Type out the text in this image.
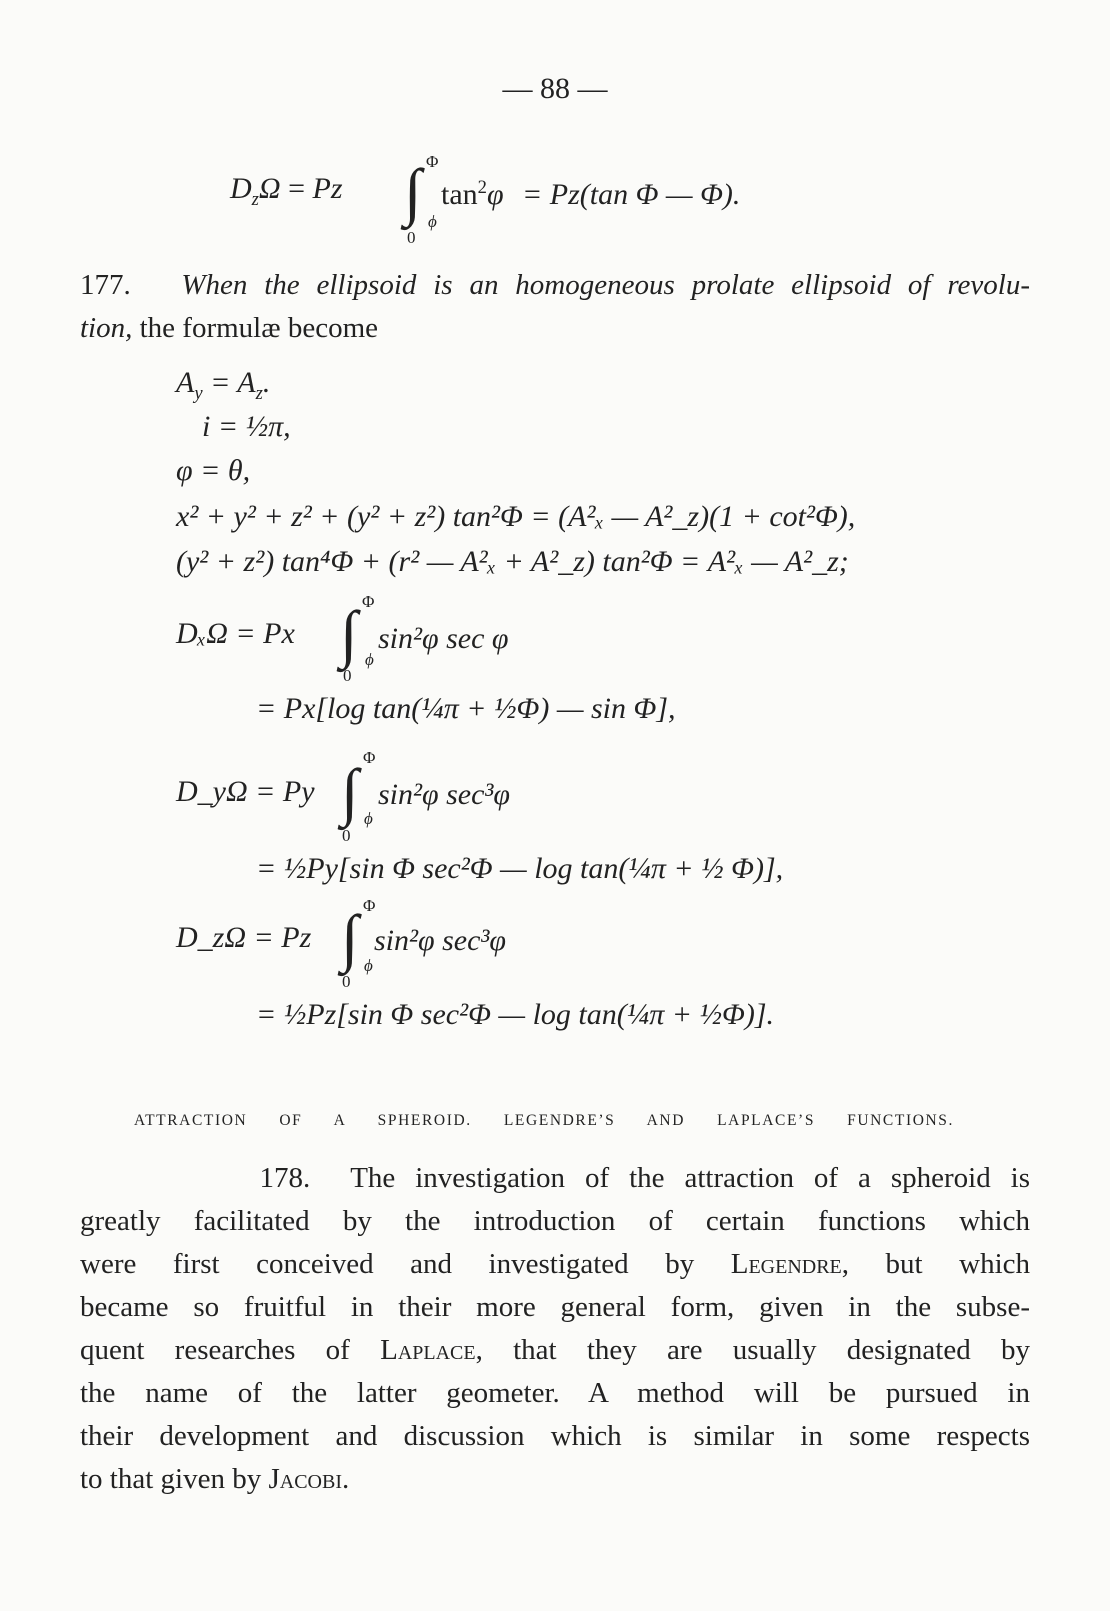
— 88 —
$D_z\Omega = Pz$
Φ
∫
0
ϕ
$\tan^2\varphi = Pz(\tan$ Φ — Φ).
177. When the ellipsoid is an homogeneous prolate ellipsoid of revolu-
tion, the formulæ become
$A_y = A_z$.
i = ½π,
φ = θ,
x² + y² + z² + (y² + z²) tan²Φ = (A²ₓ — A²_z)(1 + cot²Φ),
(y² + z²) tan⁴Φ + (r² — A²ₓ + A²_z) tan²Φ = A²ₓ — A²_z;
DₓΩ = Px
Φ
∫
0
ϕ
sin²φ sec φ
= Px[log tan(¼π + ½Φ) — sin Φ],
D_yΩ = Py
Φ
∫
0
ϕ
sin²φ sec³φ
= ½Py[sin Φ sec²Φ — log tan(¼π + ½ Φ)],
D_zΩ = Pz
Φ
∫
0
ϕ
sin²φ sec³φ
= ½Pz[sin Φ sec²Φ — log tan(¼π + ½Φ)].
ATTRACTION OF A SPHEROID. LEGENDRE’S AND LAPLACE’S FUNCTIONS.
178. The investigation of the attraction of a spheroid is
greatly facilitated by the introduction of certain functions which
were first conceived and investigated by Legendre, but which
became so fruitful in their more general form, given in the subse-
quent researches of Laplace, that they are usually designated by
the name of the latter geometer. A method will be pursued in
their development and discussion which is similar in some respects
to that given by Jacobi.
